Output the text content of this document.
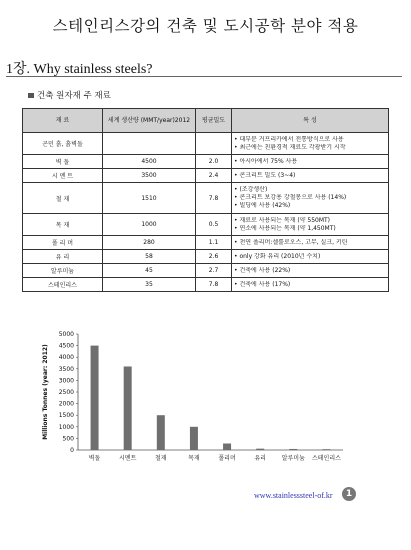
스테인리스강의 건축 및 도시공학 분야 적용
1장. Why stainless steels?
건축 원자재 주 재료
재 료	세계 생산량 (MMT/year)2012	평균밀도	특 성
곤민 흙, 흙벽돌			• 대부분 거프리카에서 전통방식으로 사용
• 최근에는 친환경적 재료도 각광받기 시작

벽 돌	4500	2.0	• 아시아에서 75% 사용

시 멘 트	3500	2.4	• 콘크리트 밀도 (3~4)

철 재	1510	7.8	• (조강생산)
• 콘크리트 보강용 강철봉으로 사용 (14%)
• 빌딩에 사용 (42%)

목 재	1000	0.5	• 재료로 사용되는 목재 (약 550MT)
• 연소에 사용되는 목재 (약 1,450MT)

폴 리 머	280	1.1	• 천연 폴리머:셀룰로오스, 고무, 실크, 키틴

유 리	58	2.6	• only 강화 유리 (2010년 수치)

알루미늄	45	2.7	• 건축에 사용 (22%)

스테인리스	35	7.8	• 건축에 사용 (17%)
0
500
1000
1500
2000
2500
3000
3500
4000
4500
5000
벽돌	시멘트	철재	목재	폴리머	유리	알루미늄 스테인리스
Millions Tonnes (year: 2012)
www.stainlesssteel-of.kr	1
